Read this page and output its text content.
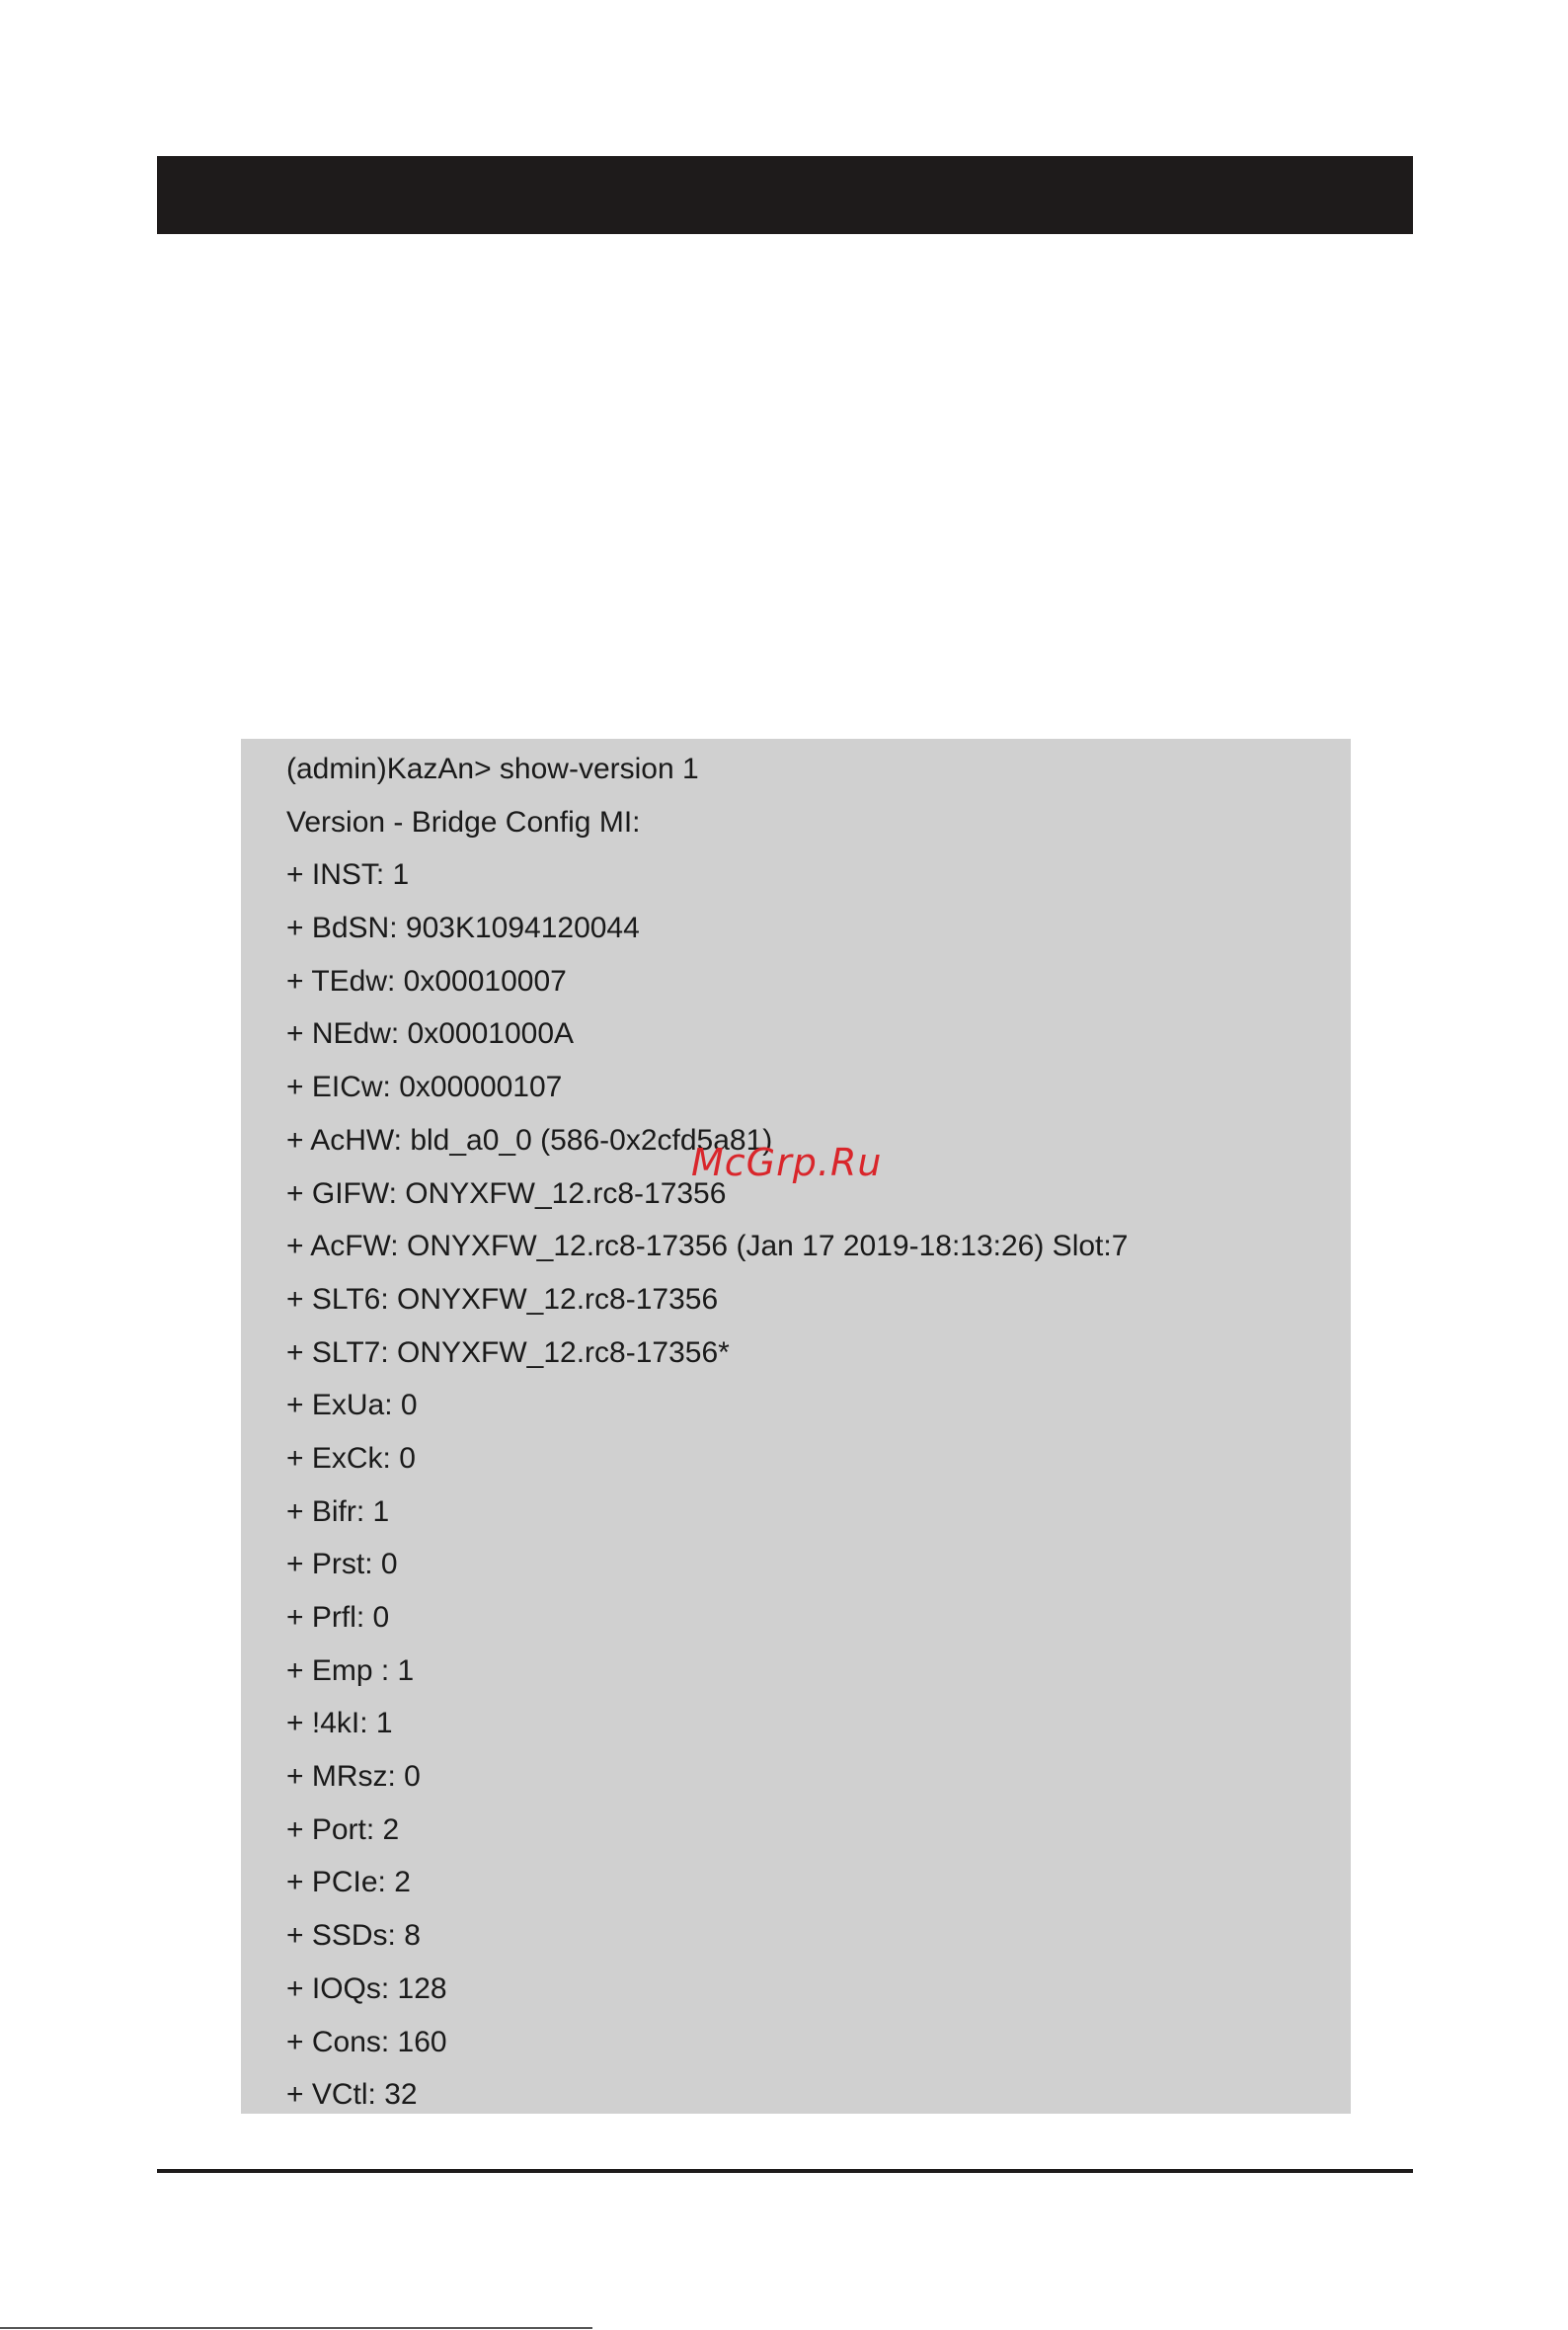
(admin)KazAn> show-version 1
Version - Bridge Config MI:
+ INST: 1
+ BdSN: 903K1094120044
+ TEdw: 0x00010007
+ NEdw: 0x0001000A
+ EICw: 0x00000107
+ AcHW: bld_a0_0 (586-0x2cfd5a81)
+ GIFW: ONYXFW_12.rc8-17356
+ AcFW: ONYXFW_12.rc8-17356 (Jan 17 2019-18:13:26) Slot:7
+ SLT6: ONYXFW_12.rc8-17356
+ SLT7: ONYXFW_12.rc8-17356*
+ ExUa: 0
+ ExCk: 0
+ Bifr: 1
+ Prst: 0
+ Prfl: 0
+ Emp : 1
+ !4kI: 1
+ MRsz: 0
+ Port: 2
+ PCIe: 2
+ SSDs: 8
+ IOQs: 128
+ Cons: 160
+ VCtl: 32
McGrp.Ru
